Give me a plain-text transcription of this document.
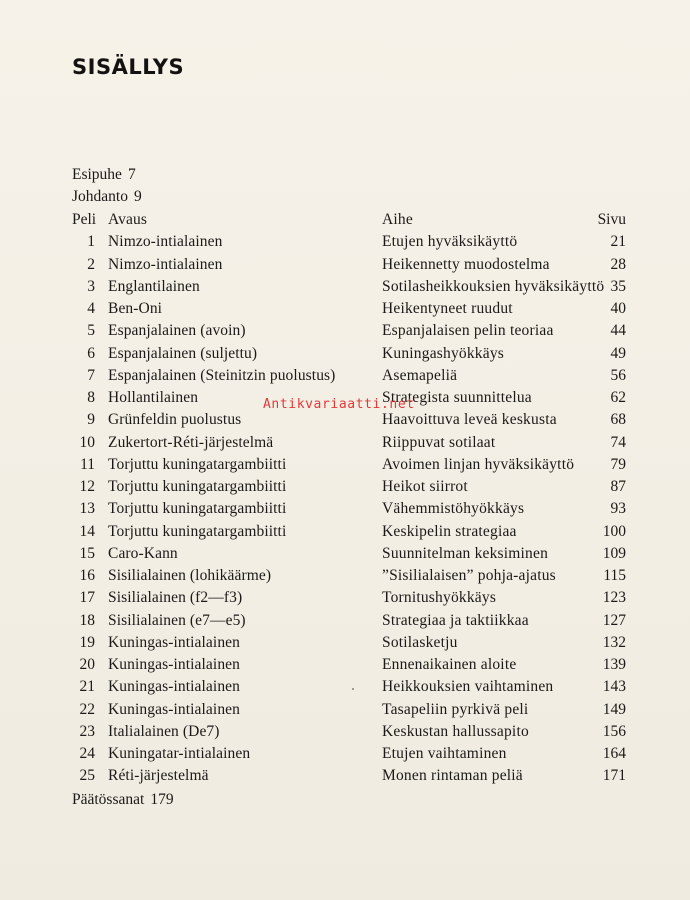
SISÄLLYS
Esipuhe 7
Johdanto 9
Peli Avaus	Aihe	Sivu
1 Nimzo-intialainen	Etujen hyväksikäyttö	21
2 Nimzo-intialainen	Heikennetty muodostelma	28
3 Englantilainen	Sotilasheikkouksien hyväksikäyttö 35
4 Ben-Oni	Heikentyneet ruudut	40
5 Espanjalainen (avoin)	Espanjalaisen pelin teoriaa	44
6 Espanjalainen (suljettu)	Kuningashyökkäys	49
7 Espanjalainen (Steinitzin puolustus)	Asemapeliä	56
8 Hollantilainen	Strategista suunnittelua	62
9 Grünfeldin puolustus	Haavoittuva leveä keskusta	68
10 Zukertort-Réti-järjestelmä	Riippuvat sotilaat	74
11 Torjuttu kuningatargambiitti	Avoimen linjan hyväksikäyttö 79
12 Torjuttu kuningatargambiitti	Heikot siirrot	87
13 Torjuttu kuningatargambiitti	Vähemmistöhyökkäys	93
14 Torjuttu kuningatargambiitti	Keskipelin strategiaa	100
15 Caro-Kann	Suunnitelman keksiminen	109
16 Sisilialainen (lohikäärme)	”Sisilialaisen” pohja-ajatus	115
17 Sisilialainen (f2—f3)	Tornitushyökkäys	123
18 Sisilialainen (e7—e5)	Strategiaa ja taktiikkaa	127
19 Kuningas-intialainen	Sotilasketju	132
20 Kuningas-intialainen	Ennenaikainen aloite	139
21 Kuningas-intialainen	Heikkouksien vaihtaminen	143
22 Kuningas-intialainen	Tasapeliin pyrkivä peli	149
23 Italialainen (De7)	Keskustan hallussapito	156
24 Kuningatar-intialainen	Etujen vaihtaminen	164
25 Réti-järjestelmä	Monen rintaman peliä	171
Päätössanat 179
Antikvariaatti.net
